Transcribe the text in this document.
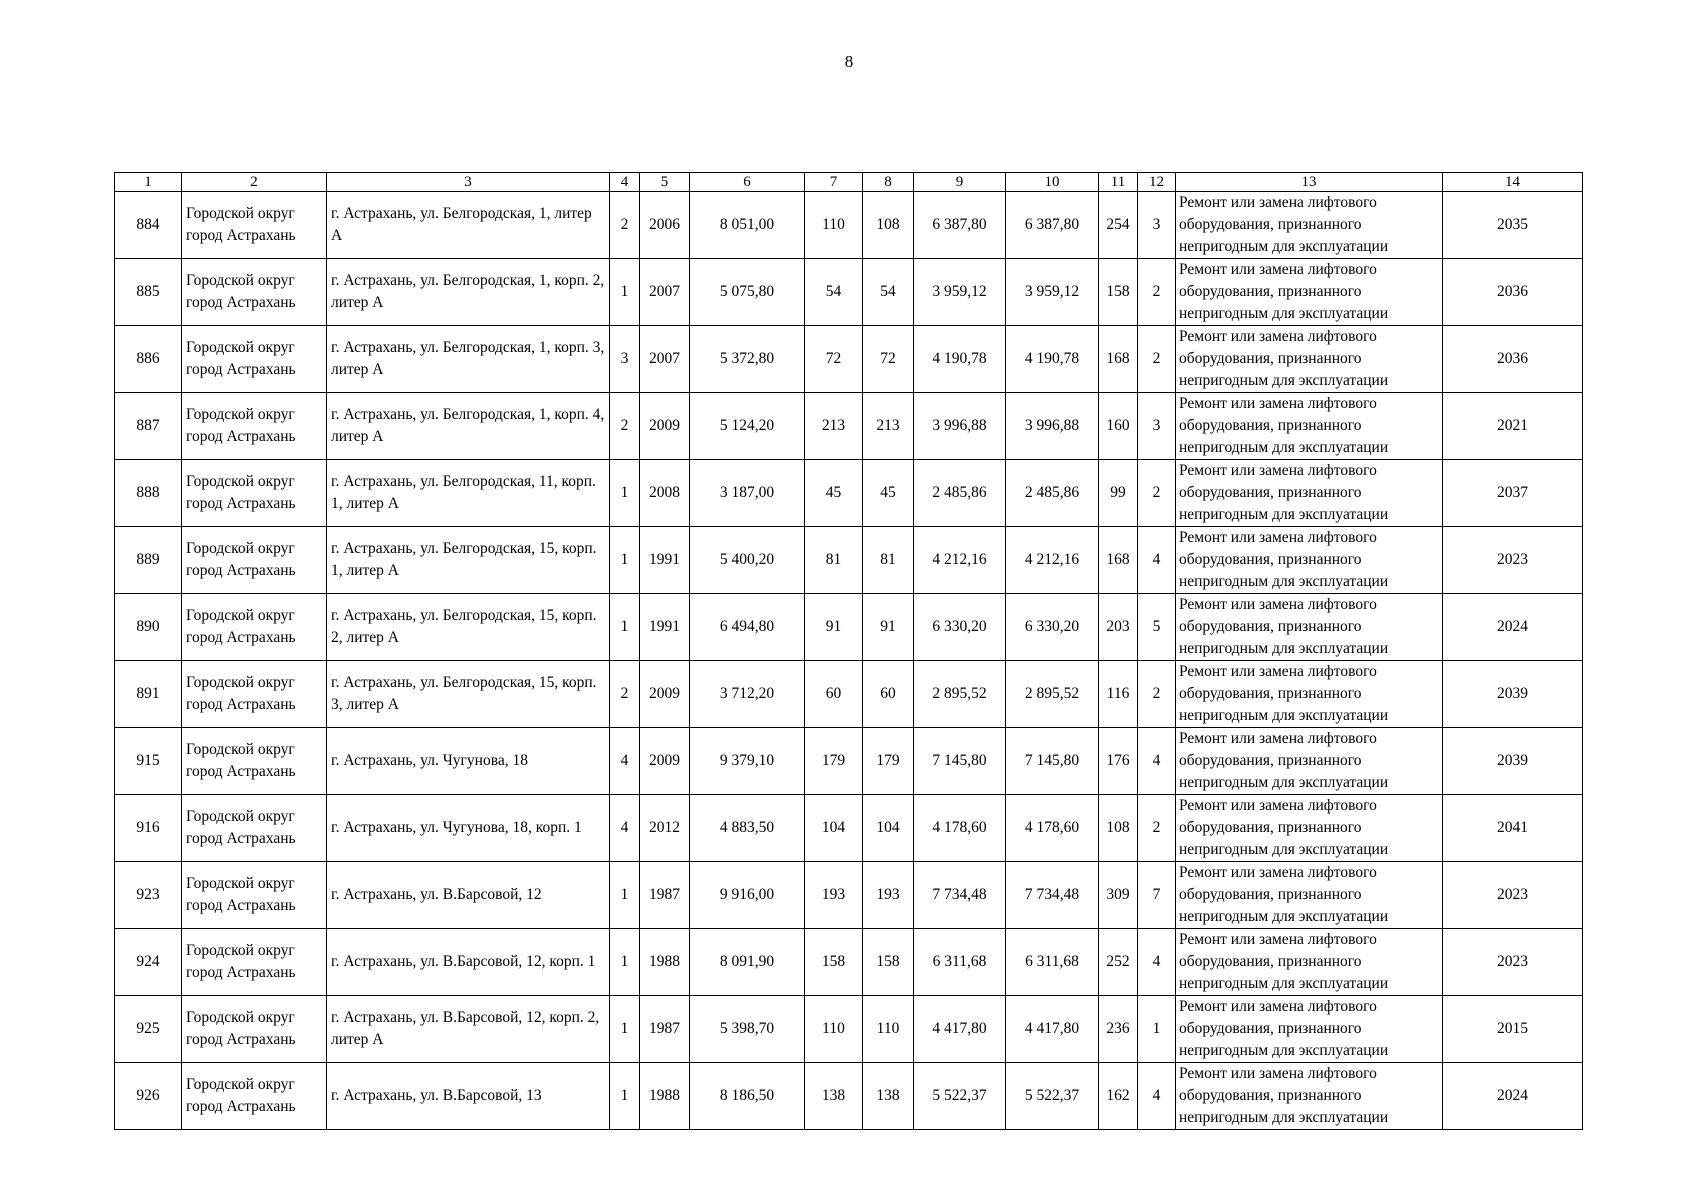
8
1	2	3	4	5	6	7	8	9	10	11	12	13	14
884	Городской округ город Астрахань	г. Астрахань, ул. Белгородская, 1, литер А	2	2006	8 051,00	110	108	6 387,80	6 387,80	254	3	Ремонт или замена лифтового оборудования, признанного непригодным для эксплуатации	2035
885	Городской округ город Астрахань	г. Астрахань, ул. Белгородская, 1, корп. 2, литер А	1	2007	5 075,80	54	54	3 959,12	3 959,12	158	2	Ремонт или замена лифтового оборудования, признанного непригодным для эксплуатации	2036
886	Городской округ город Астрахань	г. Астрахань, ул. Белгородская, 1, корп. 3, литер А	3	2007	5 372,80	72	72	4 190,78	4 190,78	168	2	Ремонт или замена лифтового оборудования, признанного непригодным для эксплуатации	2036
887	Городской округ город Астрахань	г. Астрахань, ул. Белгородская, 1, корп. 4, литер А	2	2009	5 124,20	213	213	3 996,88	3 996,88	160	3	Ремонт или замена лифтового оборудования, признанного непригодным для эксплуатации	2021
888	Городской округ город Астрахань	г. Астрахань, ул. Белгородская, 11, корп. 1, литер А	1	2008	3 187,00	45	45	2 485,86	2 485,86	99	2	Ремонт или замена лифтового оборудования, признанного непригодным для эксплуатации	2037
889	Городской округ город Астрахань	г. Астрахань, ул. Белгородская, 15, корп. 1, литер А	1	1991	5 400,20	81	81	4 212,16	4 212,16	168	4	Ремонт или замена лифтового оборудования, признанного непригодным для эксплуатации	2023
890	Городской округ город Астрахань	г. Астрахань, ул. Белгородская, 15, корп. 2, литер А	1	1991	6 494,80	91	91	6 330,20	6 330,20	203	5	Ремонт или замена лифтового оборудования, признанного непригодным для эксплуатации	2024
891	Городской округ город Астрахань	г. Астрахань, ул. Белгородская, 15, корп. 3, литер А	2	2009	3 712,20	60	60	2 895,52	2 895,52	116	2	Ремонт или замена лифтового оборудования, признанного непригодным для эксплуатации	2039
915	Городской округ город Астрахань	г. Астрахань, ул. Чугунова, 18	4	2009	9 379,10	179	179	7 145,80	7 145,80	176	4	Ремонт или замена лифтового оборудования, признанного непригодным для эксплуатации	2039
916	Городской округ город Астрахань	г. Астрахань, ул. Чугунова, 18, корп. 1	4	2012	4 883,50	104	104	4 178,60	4 178,60	108	2	Ремонт или замена лифтового оборудования, признанного непригодным для эксплуатации	2041
923	Городской округ город Астрахань	г. Астрахань, ул. В.Барсовой, 12	1	1987	9 916,00	193	193	7 734,48	7 734,48	309	7	Ремонт или замена лифтового оборудования, признанного непригодным для эксплуатации	2023
924	Городской округ город Астрахань	г. Астрахань, ул. В.Барсовой, 12, корп. 1	1	1988	8 091,90	158	158	6 311,68	6 311,68	252	4	Ремонт или замена лифтового оборудования, признанного непригодным для эксплуатации	2023
925	Городской округ город Астрахань	г. Астрахань, ул. В.Барсовой, 12, корп. 2, литер А	1	1987	5 398,70	110	110	4 417,80	4 417,80	236	1	Ремонт или замена лифтового оборудования, признанного непригодным для эксплуатации	2015
926	Городской округ город Астрахань	г. Астрахань, ул. В.Барсовой, 13	1	1988	8 186,50	138	138	5 522,37	5 522,37	162	4	Ремонт или замена лифтового оборудования, признанного непригодным для эксплуатации	2024
